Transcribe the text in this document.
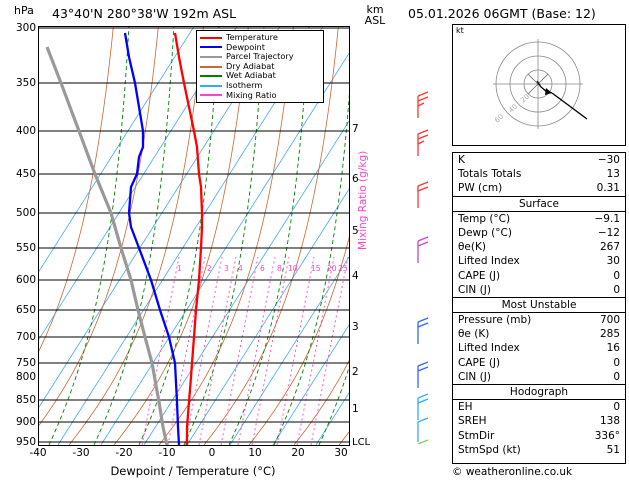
hPa 43°40'N 280°38'W 192m ASL	km
ASL
300
350
400
450
500
550
600
650
700
750
800
850
900
950
-40	-30	-20	-10	0	10	20	30
Dewpoint / Temperature (°C)
1
2
3
4
5
6
7
LCL
Mixing Ratio (g/kg)
1	2 3 4 6 8 10 15 20 25
Temperature
Dewpoint
Parcel Trajectory
Dry Adiabat
Wet Adiabat
Isotherm
Mixing Ratio
05.01.2026 06GMT (Base: 12)
kt
20
40
60
K	−30
Totals Totals	13
PW (cm)	0.31
Surface
Temp (°C)	−9.1
Dewp (°C)	−12
θe(K)	267
Lifted Index	30
CAPE (J)	0
CIN (J)	0
Most Unstable
Pressure (mb)	700
θe (K)	285
Lifted Index	16
CAPE (J)	0
CIN (J)	0
Hodograph
EH	0
SREH	138
StmDir	336°
StmSpd (kt)	51
© weatheronline.co.uk
